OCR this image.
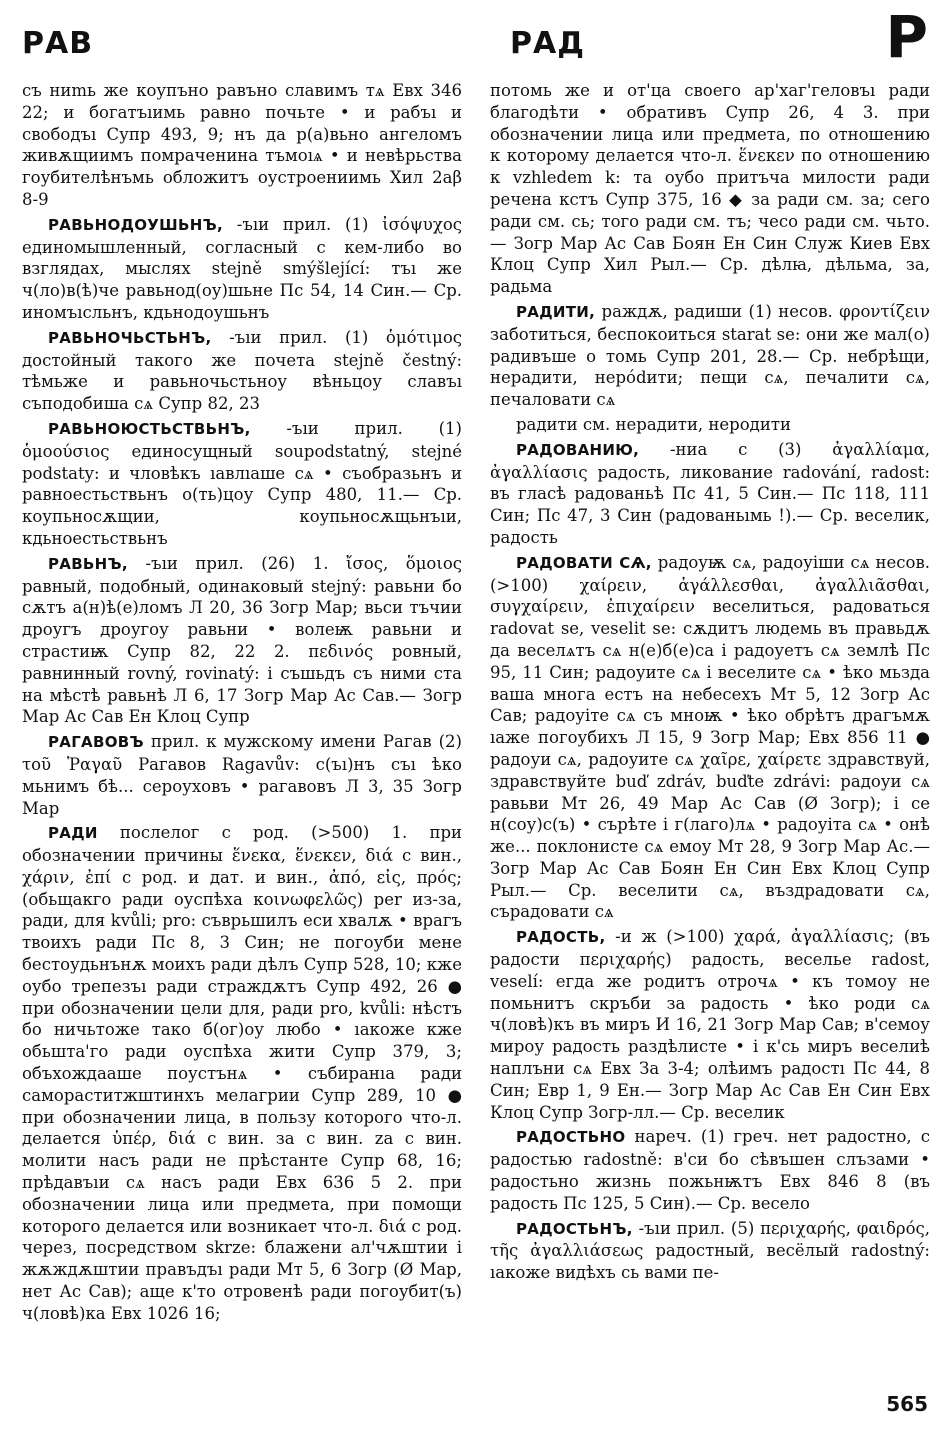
РАВ	РАД	Р

съ ниmь же коупъно равъно славимъ тѧ Евх 346 22; и богатъıимь равно почьте • и рабъı и свободъı Супр 493, 9; нъ да р(а)вьно ангеломъ живѫщиимъ помраченина тъмоıѧ • и невѣрьства гоубителѣнъмь обложитъ оустроениимь Хил 2аβ 8-9

РАВЬНОДОУШЬНЪ, -ъıи прил. (1) ἰσόψυχος единомышленный, согласный с кем-либо во взглядах, мыслях stejně smýšlející: тъı же ч(ло)в(ѣ)че равьнод(оу)шьне Пс 54, 14 Син.— Ср. иномъıсльнъ, кдьнодоушьнъ

РАВЬНОЧЬСТЬНЪ, -ъıи прил. (1) ὁμότιμος достойный такого же почета stejně čestný: тѣмьже и равьночьстьноу вѣньцоу славъı съподобиша сѧ Супр 82, 23

РАВЬНОЮСТЬСТВЬНЪ, -ъıи прил. (1) ὁμοούσιος единосущный soupodstatný, stejné podstaty: и чловѣкъ ıавлıаше сѧ • съобразьнъ и равноестьствьнъ о(ть)цоу Супр 480, 11.— Ср. коупьносѫщии, коупьносѫщьнъıи, кдьноестьствьнъ

РАВЬНЪ, -ъıи прил. (26) 1. ἴσος, ὅμοιος равный, подобный, одинаковый stejný: равьни бо сѫтъ а(н)ѣ(е)ломъ Л 20, 36 Зогр Мар; вьси тъчии дроугъ дроугоу равьни • волеѭ равьни и страстиѭ Супр 82, 22 2. πεδινός ровный, равнинный rovný, rovinatý: і съшьдъ съ ними ста на мѣстѣ равьнѣ Л 6, 17 Зогр Мар Ас Сав.— Зогр Мар Ас Сав Ен Клоц Супр

РАГАВОВЪ прил. к мужскому имени Рагав (2) τοῦ Ῥαγαῦ Рагавов Ragavův: с(ъı)нъ съı ѣко мьнимъ бѣ... сероуховъ • рагавовъ Л 3, 35 Зогр Мар

РАДИ послелог с род. (>500) 1. при обозначении причины ἕνεκα, ἕνεκεν, διά с вин., χάριν, ἐπί с род. и дат. и вин., ἀπό, εἰς, πρός; (обьщакго ради оуспѣха κοινωφελῶς) per из-за, ради, для kvůli; pro: съврьшилъ еси хвалѫ • врагъ твоихъ ради Пс 8, 3 Син; не погоуби мене бестоудьнънѫ моихъ ради дѣлъ Супр 528, 10; кже оубо трепезъı ради страждѫтъ Супр 492, 26 ● при обозначении цели для, ради pro, kvůli: нѣстъ бо ничьтоже тако б(ог)оу любо • ıакоже кже обьшта'го ради оуспѣха жити Супр 379, 3; объхождааше поустънѧ • събиранıа ради самораститжштинхъ мелагрии Супр 289, 10 ● при обозначении лица, в пользу которого что-л. делается ὑπέρ, διά с вин. за с вин. za с вин. молити насъ ради не прѣстанте Супр 68, 16; прѣдавъıи сѧ насъ ради Евх 636 5 2. при обозначении лица или предмета, при помощи которого делается или возникает что-л. διά с род. через, посредством skrze: блажени ал'чѫштии і жѫждѫштии правъдъı ради Мт 5, 6 Зогр (Ø Мар, нет Ас Сав); аще к'то отровенѣ ради погоубит(ъ) ч(ловѣ)ка Евх 1026 16;

потомь же и от'ца своего ар'хаг'геловъı ради благодѣти • обративъ Супр 26, 4 3. при обозначении лица или предмета, по отношению к которому делается что-л. ἕνεκεν по отношению к vzhledem k: та оубо притъча милости ради речена кстъ Супр 375, 16 ◆ за ради см. за; сего ради см. сь; того ради см. тъ; чесо ради см. чьто.— Зогр Мар Ас Сав Боян Ен Син Служ Киев Евх Клоц Супр Хил Рыл.— Ср. дѣлꙗ, дѣльма, за, радьма

РАДИТИ, раждѫ, радиши (1) несов. φροντίζειν заботиться, беспокоиться starat se: они же мал(о) радивъше о томь Супр 201, 28.— Ср. небрѣщи, нерадити, нерódити; пещи сѧ, печалити сѧ, печаловати сѧ

радити см. нерадити, неродити

РАДОВАНИЮ, -ниа с (3) ἀγαλλίαμα, ἀγαλλίασις радость, ликование radování, radost: въ гласѣ радованьѣ Пс 41, 5 Син.— Пс 118, 111 Син; Пс 47, 3 Син (радованьıмь !).— Ср. веселик, радость

РАДОВАТИ СѦ, радоуѭ сѧ, радоуіши сѧ несов. (>100) χαίρειν, ἀγάλλεσθαι, ἀγαλλιᾶσθαι, συγχαίρειν, ἐπιχαίρειν веселиться, радоваться radovat se, veselit se: сѫдитъ людемь въ правьдѫ да веселѧтъ сѧ н(е)б(е)са і радоуетъ сѧ землѣ Пс 95, 11 Син; радоуите сѧ і веселите сѧ • ѣко мьзда ваша многа естъ на небесехъ Мт 5, 12 Зогр Ас Сав; радоуіте сѧ съ мноѭ • ѣко обрѣтъ драгъмѫ ıаже погоубихъ Л 15, 9 Зогр Мар; Евх 856 11 ● радоуи сѧ, радоуите сѧ χαῖρε, χαίρετε здравствуй, здравствуйте buď zdráv, buďte zdrávi: радоуи сѧ равьви Мт 26, 49 Мар Ас Сав (Ø Зогр); і се н(соу)с(ъ) • сърѣте і г(лаго)лѧ • радоуіта сѧ • онѣ же... поклонисте сѧ емоу Мт 28, 9 Зогр Мар Ас.— Зогр Мар Ас Сав Боян Ен Син Евх Клоц Супр Рыл.— Ср. веселити сѧ, въздрадовати сѧ, сърадовати сѧ

РАДОСТЬ, -и ж (>100) χαρά, ἀγαλλίασις; (въ радости περιχαρής) радость, веселье radost, veselí: егда же родитъ отрочѧ • къ томоу не помьнитъ скръби за радость • ѣко роди сѧ ч(ловѣ)къ въ миръ И 16, 21 Зогр Мар Сав; в'семоу мироу радость раздѣлисте • і к'сь миръ веселиѣ наплъни сѧ Евх За 3-4; олѣимъ радостı Пс 44, 8 Син; Евр 1, 9 Ен.— Зогр Мар Ас Сав Ен Син Евх Клоц Супр Зогр-лл.— Ср. веселик

РАДОСТЬНО нареч. (1) греч. нет радостно, с радостью radostně: в'си бо сѣвъшен слъзами • радостьно жизнь пожьнѭтъ Евх 846 8 (въ радость Пс 125, 5 Син).— Ср. весело

РАДОСТЬНЪ, -ъıи прил. (5) περιχαρής, φαιδρός, τῆς ἀγαλλιάσεως радостный, весёлый radostný: ıакоже видѣхъ сь вами пе-

565
